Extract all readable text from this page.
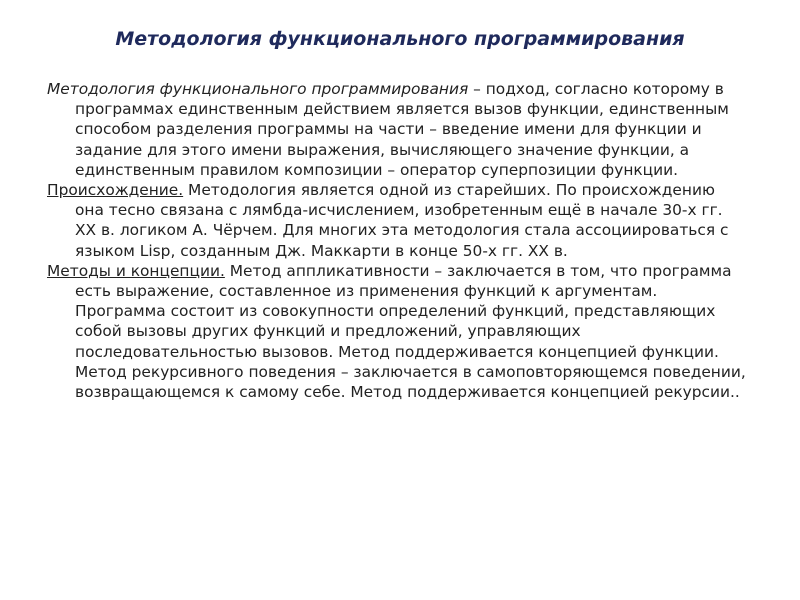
Методология функционального программирования

Методология функционального программирования – подход, согласно которому в программах единственным действием является вызов функции, единственным способом разделения программы на части – введение имени для функции и задание для этого имени выражения, вычисляющего значение функции, а единственным правилом композиции – оператор суперпозиции функции.

Происхождение. Методология является одной из старейших. По происхождению она тесно связана с лямбда-исчислением, изобретенным ещё в начале 30-х гг. XX в. логиком А. Чёрчем. Для многих эта методология стала ассоциироваться с языком Lisp, созданным Дж. Маккарти в конце 50-х гг. XX в.

Методы и концепции. Метод аппликативности – заключается в том, что программа есть выражение, составленное из применения функций к аргументам. Программа состоит из совокупности определений функций, представляющих собой вызовы других функций и предложений, управляющих последовательностью вызовов. Метод поддерживается концепцией функции. Метод рекурсивного поведения – заключается в самоповторяющемся поведении, возвращающемся к самому себе. Метод поддерживается концепцией рекурсии..
